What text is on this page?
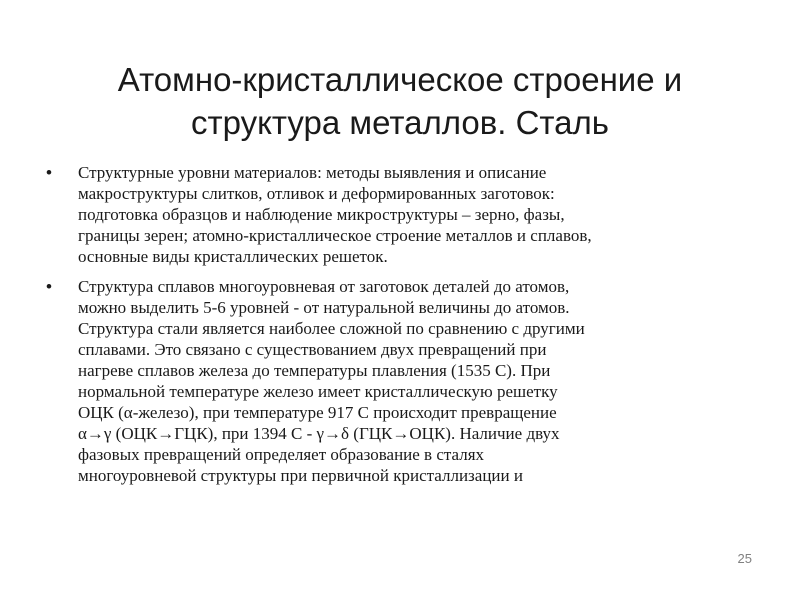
Атомно-кристаллическое строение и
структура металлов. Сталь
• Структурные уровни материалов: методы выявления и описание
макроструктуры слитков, отливок и деформированных заготовок:
подготовка образцов и наблюдение микроструктуры – зерно, фазы,
границы зерен; атомно-кристаллическое строение металлов и сплавов,
основные виды кристаллических решеток.
• Структура сплавов многоуровневая от заготовок деталей до атомов,
можно выделить 5-6 уровней - от натуральной величины до атомов.
Структура стали является наиболее сложной по сравнению с другими
сплавами. Это связано с существованием двух превращений при
нагреве сплавов железа до температуры плавления (1535 C). При
нормальной температуре железо имеет кристаллическую решетку
ОЦК (α-железо), при температуре 917 C происходит превращение
α→γ (ОЦК→ГЦК), при 1394 C - γ→δ (ГЦК→ОЦК). Наличие двух
фазовых превращений определяет образование в сталях
многоуровневой структуры при первичной кристаллизации и
25
